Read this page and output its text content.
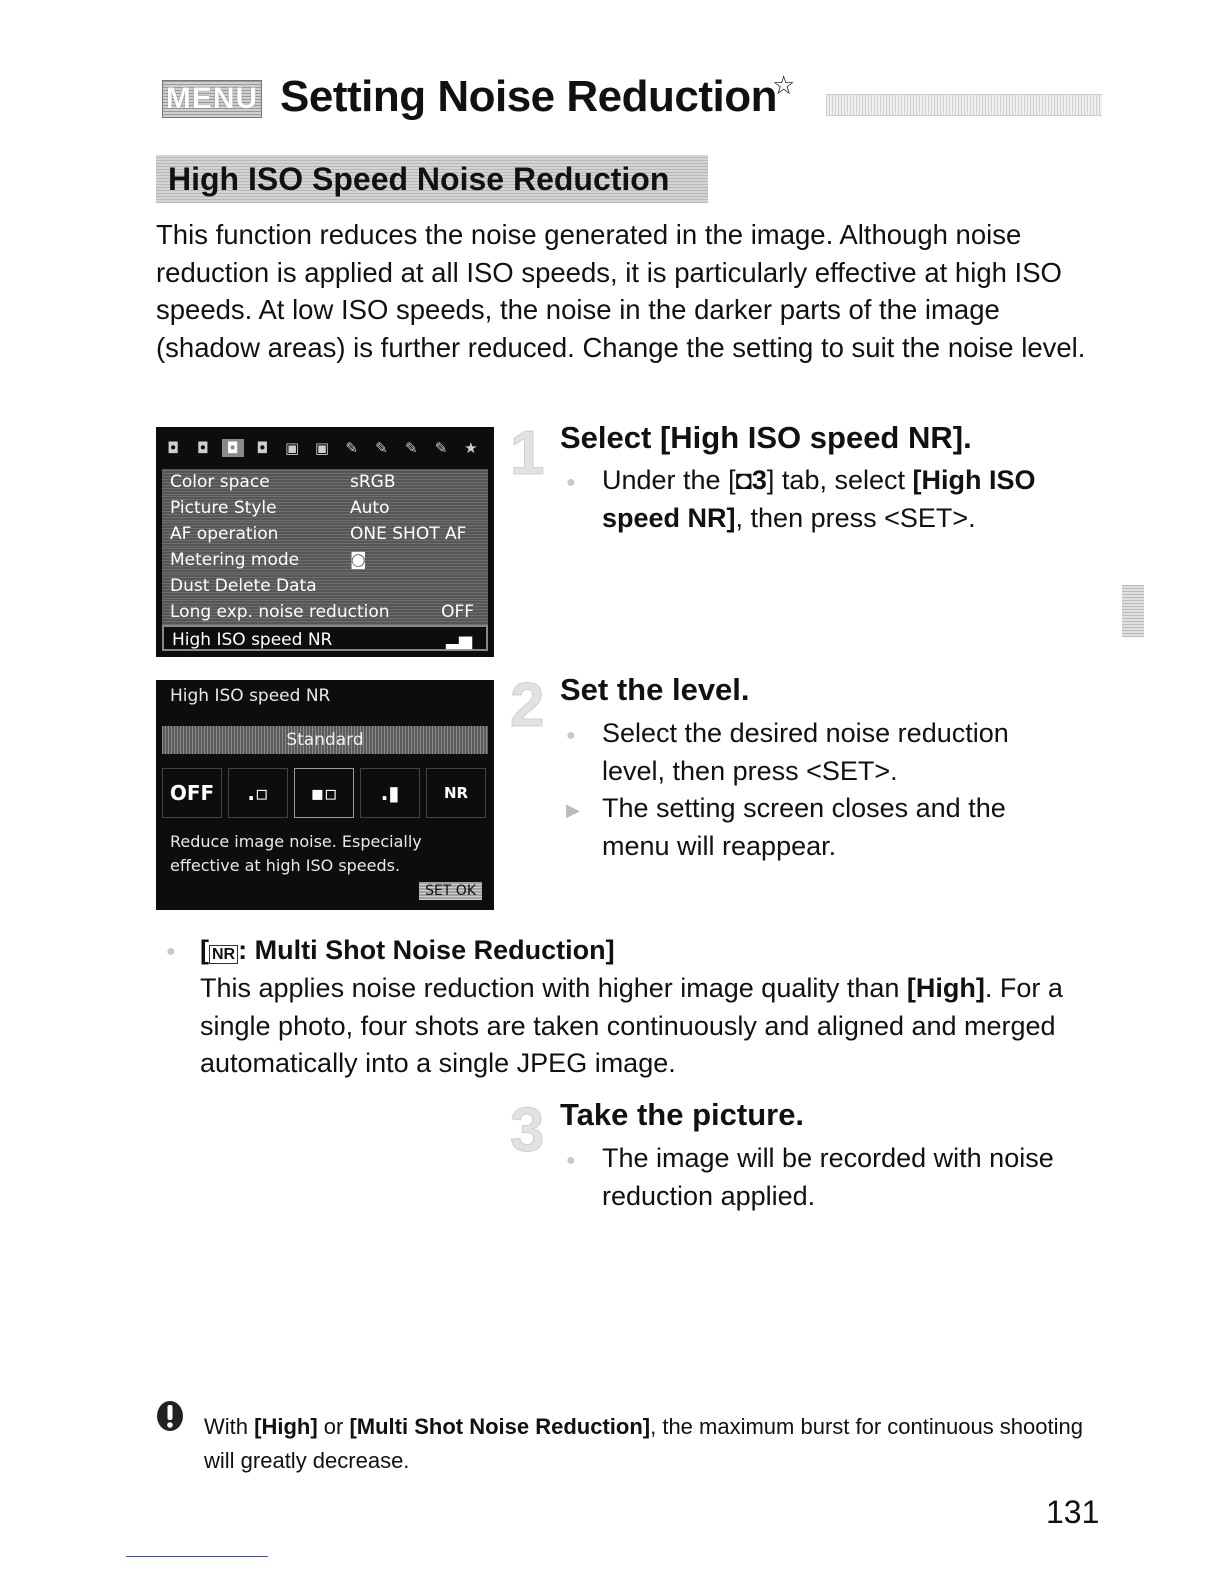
MENU Setting Noise Reduction
☆
High ISO Speed Noise Reduction
This function reduces the noise generated in the image. Although noise reduction is applied at all ISO speeds, it is particularly effective at high ISO speeds. At low ISO speeds, the noise in the darker parts of the image (shadow areas) is further reduced. Change the setting to suit the noise level.
◘ ◘ ◘ ◘ ▣ ▣ ✎ ✎ ✎ ✎ ★
Color space	sRGB
Picture Style	Auto
AF operation	ONE SHOT AF
Metering mode	◙
Dust Delete Data
Long exp. noise reduction	OFF
High ISO speed NR	▂▅
High ISO speed NR
Standard
OFF	.▫	▪▫	.▮	NR
Reduce image noise. Especially
effective at high ISO speeds.
SET OK
1 Select [High ISO speed NR].
● Under the [◘3] tab, select [High ISO speed NR], then press <SET>.
2 Set the level.
● Select the desired noise reduction level, then press <SET>.
▶ The setting screen closes and the menu will reappear.
● [ NR : Multi Shot Noise Reduction]
This applies noise reduction with higher image quality than [High]. For a single photo, four shots are taken continuously and aligned and merged automatically into a single JPEG image.
3 Take the picture.
● The image will be recorded with noise reduction applied.
With [High] or [Multi Shot Noise Reduction], the maximum burst for continuous shooting will greatly decrease.
131
